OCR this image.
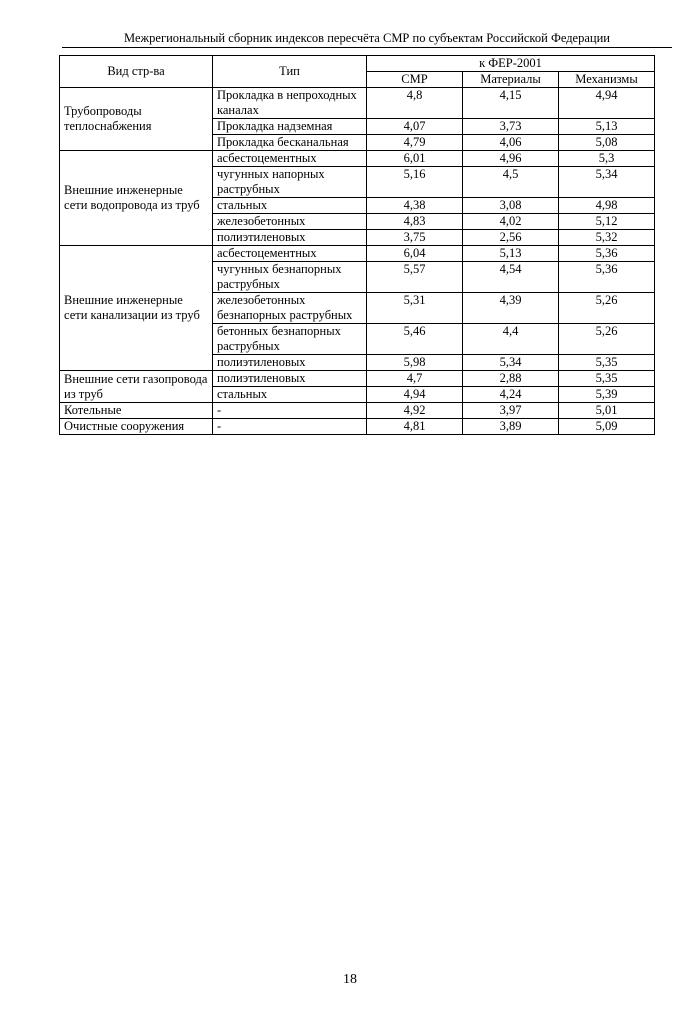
Межрегиональный сборник индексов пересчёта СМР по субъектам Российской Федерации
Вид стр-ва	Тип	к ФЕР-2001		
		СМР	Материалы	Механизмы
Трубопроводы теплоснабжения	Прокладка в непроходных каналах	4,8	4,15	4,94
	Прокладка надземная	4,07	3,73	5,13
	Прокладка бесканальная	4,79	4,06	5,08
Внешние инженерные сети водопровода из труб	асбестоцементных	6,01	4,96	5,3
	чугунных напорных раструбных	5,16	4,5	5,34
	стальных	4,38	3,08	4,98
	железобетонных	4,83	4,02	5,12
	полиэтиленовых	3,75	2,56	5,32
Внешние инженерные сети канализации из труб	асбестоцементных	6,04	5,13	5,36
	чугунных безнапорных раструбных	5,57	4,54	5,36
	железобетонных безнапорных раструбных	5,31	4,39	5,26
	бетонных безнапорных раструбных	5,46	4,4	5,26
	полиэтиленовых	5,98	5,34	5,35
Внешние сети газопровода из труб	полиэтиленовых	4,7	2,88	5,35
	стальных	4,94	4,24	5,39
Котельные	-	4,92	3,97	5,01
Очистные сооружения	-	4,81	3,89	5,09
18
